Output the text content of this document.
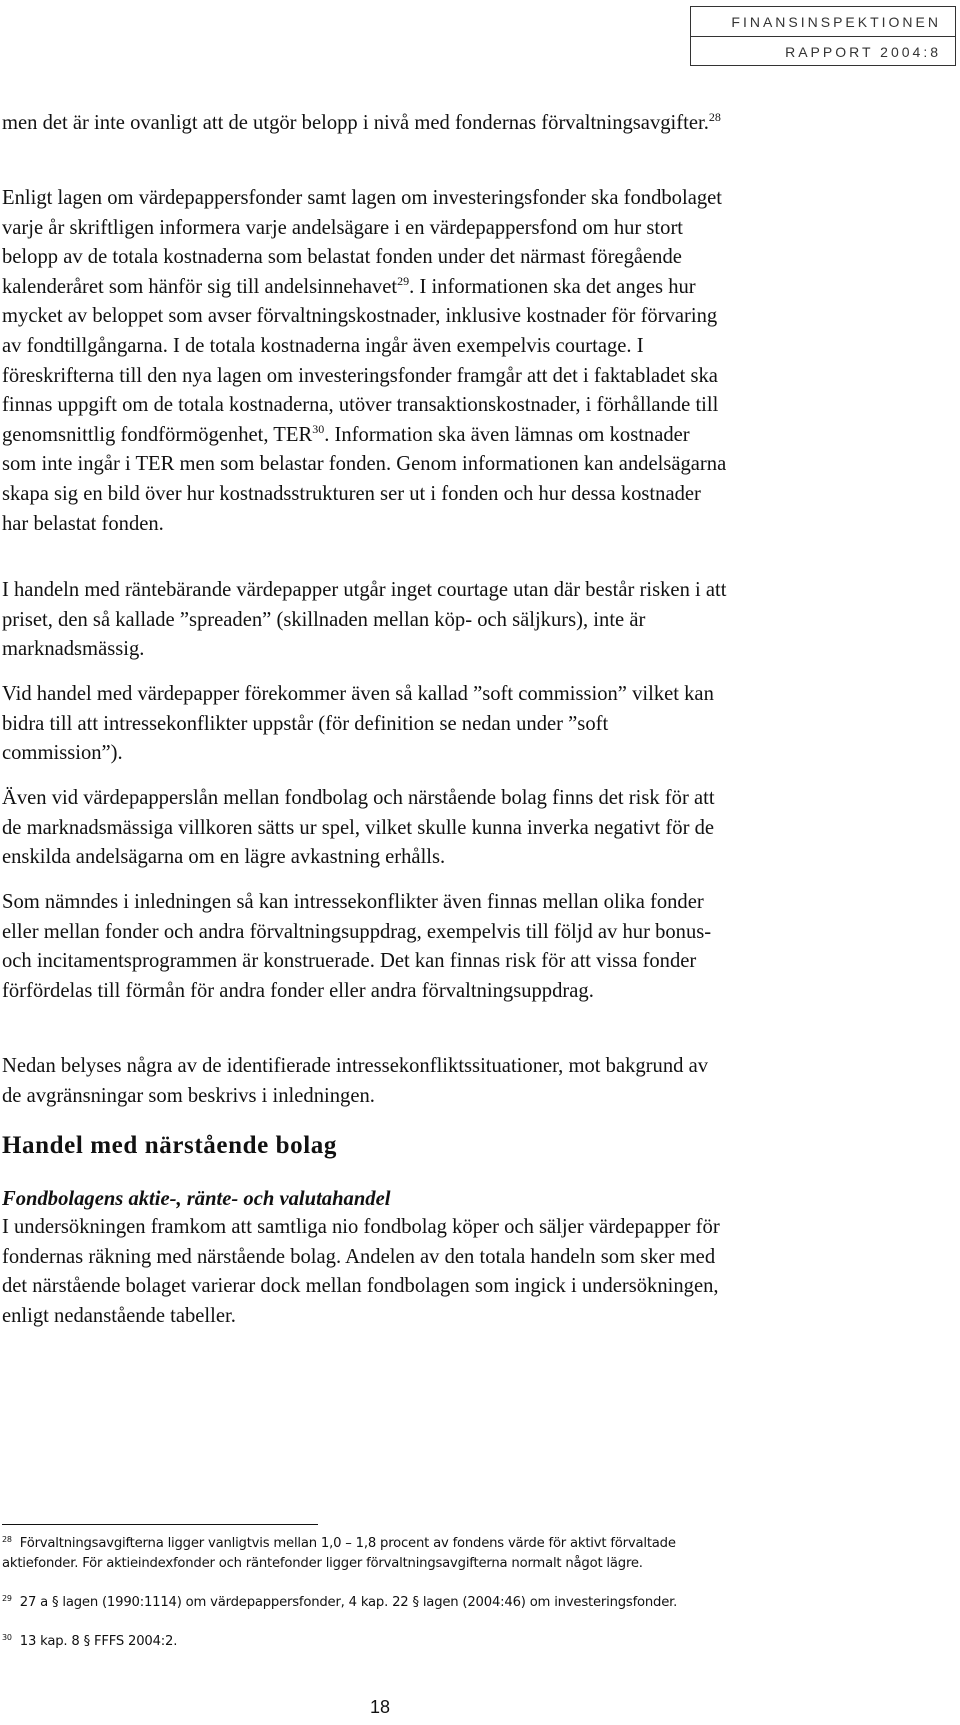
FINANSINSPEKTIONEN
RAPPORT 2004:8

men det är inte ovanligt att de utgör belopp i nivå med fondernas förvaltningsavgifter.$^{28}$

Enligt lagen om värdepappersfonder samt lagen om investeringsfonder ska fondbolaget varje år skriftligen informera varje andelsägare i en värdepappersfond om hur stort belopp av de totala kostnaderna som belastat fonden under det närmast föregående kalenderåret som hänför sig till andelsinnehavet$^{29}$. I informationen ska det anges hur mycket av beloppet som avser förvaltningskostnader, inklusive kostnader för förvaring av fondtillgångarna. I de totala kostnaderna ingår även exempelvis courtage. I föreskrifterna till den nya lagen om investeringsfonder framgår att det i faktabladet ska finnas uppgift om de totala kostnaderna, utöver transaktionskostnader, i förhållande till genomsnittlig fondförmögenhet, TER$^{30}$. Information ska även lämnas om kostnader som inte ingår i TER men som belastar fonden. Genom informationen kan andelsägarna skapa sig en bild över hur kostnadsstrukturen ser ut i fonden och hur dessa kostnader har belastat fonden.

I handeln med räntebärande värdepapper utgår inget courtage utan där består risken i att priset, den så kallade ”spreaden” (skillnaden mellan köp- och säljkurs), inte är marknadsmässig.

Vid handel med värdepapper förekommer även så kallad ”soft commission” vilket kan bidra till att intressekonflikter uppstår (för definition se nedan under ”soft commission”).

Även vid värdepapperslån mellan fondbolag och närstående bolag finns det risk för att de marknadsmässiga villkoren sätts ur spel, vilket skulle kunna inverka negativt för de enskilda andelsägarna om en lägre avkastning erhålls.

Som nämndes i inledningen så kan intressekonflikter även finnas mellan olika fonder eller mellan fonder och andra förvaltningsuppdrag, exempelvis till följd av hur bonus- och incitamentsprogrammen är konstruerade. Det kan finnas risk för att vissa fonder förfördelas till förmån för andra fonder eller andra förvaltningsuppdrag.

Nedan belyses några av de identifierade intressekonfliktssituationer, mot bakgrund av de avgränsningar som beskrivs i inledningen.

Handel med närstående bolag
Fondbolagens aktie-, ränte- och valutahandel

I undersökningen framkom att samtliga nio fondbolag köper och säljer värdepapper för fondernas räkning med närstående bolag. Andelen av den totala handeln som sker med det närstående bolaget varierar dock mellan fondbolagen som ingick i undersökningen, enligt nedanstående tabeller.

$^{28}$ Förvaltningsavgifterna ligger vanligtvis mellan 1,0 – 1,8 procent av fondens värde för aktivt förvaltade aktiefonder. För aktieindexfonder och räntefonder ligger förvaltningsavgifterna normalt något lägre.

$^{29}$ 27 a § lagen (1990:1114) om värdepappersfonder, 4 kap. 22 § lagen (2004:46) om investeringsfonder.

$^{30}$ 13 kap. 8 § FFFS 2004:2.

18
